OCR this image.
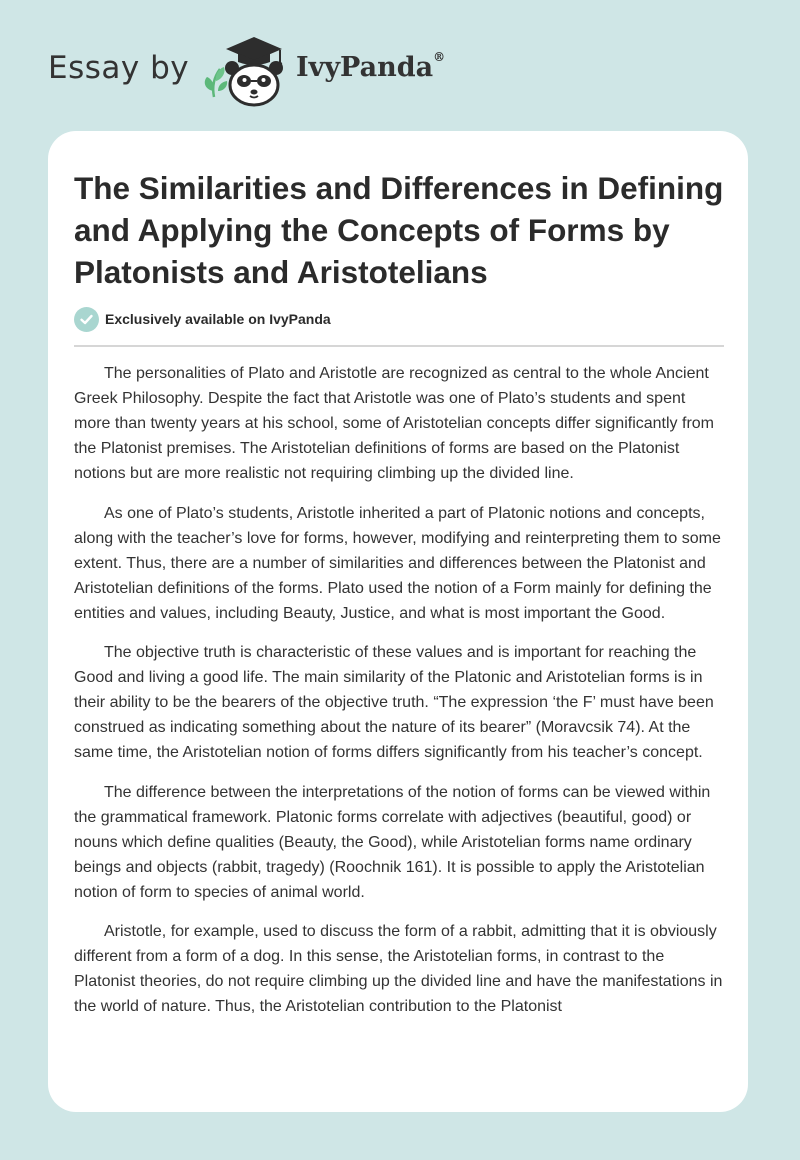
Essay by	IvyPanda®
The Similarities and Differences in Defining and Applying the Concepts of Forms by Platonists and Aristotelians
Exclusively available on IvyPanda

The personalities of Plato and Aristotle are recognized as central to the whole Ancient Greek Philosophy. Despite the fact that Aristotle was one of Plato’s students and spent more than twenty years at his school, some of Aristotelian concepts differ significantly from the Platonist premises. The Aristotelian definitions of forms are based on the Platonist notions but are more realistic not requiring climbing up the divided line.

As one of Plato’s students, Aristotle inherited a part of Platonic notions and concepts, along with the teacher’s love for forms, however, modifying and reinterpreting them to some extent. Thus, there are a number of similarities and differences between the Platonist and Aristotelian definitions of the forms. Plato used the notion of a Form mainly for defining the entities and values, including Beauty, Justice, and what is most important the Good.

The objective truth is characteristic of these values and is important for reaching the Good and living a good life. The main similarity of the Platonic and Aristotelian forms is in their ability to be the bearers of the objective truth. “The expression ‘the F’ must have been construed as indicating something about the nature of its bearer” (Moravcsik 74). At the same time, the Aristotelian notion of forms differs significantly from his teacher’s concept.

The difference between the interpretations of the notion of forms can be viewed within the grammatical framework. Platonic forms correlate with adjectives (beautiful, good) or nouns which define qualities (Beauty, the Good), while Aristotelian forms name ordinary beings and objects (rabbit, tragedy) (Roochnik 161). It is possible to apply the Aristotelian notion of form to species of animal world.

Aristotle, for example, used to discuss the form of a rabbit, admitting that it is obviously different from a form of a dog. In this sense, the Aristotelian forms, in contrast to the Platonist theories, do not require climbing up the divided line and have the manifestations in the world of nature. Thus, the Aristotelian contribution to the Platonist
